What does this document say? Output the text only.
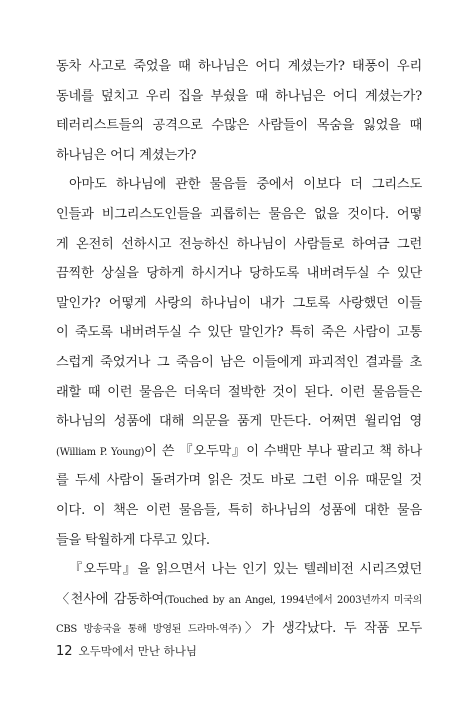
동차 사고로 죽었을 때 하나님은 어디 계셨는가? 태풍이 우리
동네를 덮치고 우리 집을 부쉈을 때 하나님은 어디 계셨는가?
테러리스트들의 공격으로 수많은 사람들이 목숨을 잃었을 때
하나님은 어디 계셨는가?
아마도 하나님에 관한 물음들 중에서 이보다 더 그리스도
인들과 비그리스도인들을 괴롭히는 물음은 없을 것이다. 어떻
게 온전히 선하시고 전능하신 하나님이 사람들로 하여금 그런
끔찍한 상실을 당하게 하시거나 당하도록 내버려두실 수 있단
말인가? 어떻게 사랑의 하나님이 내가 그토록 사랑했던 이들
이 죽도록 내버려두실 수 있단 말인가? 특히 죽은 사람이 고통
스럽게 죽었거나 그 죽음이 남은 이들에게 파괴적인 결과를 초
래할 때 이런 물음은 더욱더 절박한 것이 된다. 이런 물음들은
하나님의 성품에 대해 의문을 품게 만든다. 어쩌면 윌리엄 영
(William P. Young)이 쓴 『오두막』이 수백만 부나 팔리고 책 하나
를 두세 사람이 돌려가며 읽은 것도 바로 그런 이유 때문일 것
이다. 이 책은 이런 물음들, 특히 하나님의 성품에 대한 물음
들을 탁월하게 다루고 있다.
『오두막』을 읽으면서 나는 인기 있는 텔레비전 시리즈였던
〈천사에 감동하여(Touched by an Angel, 1994년에서 2003년까지 미국의
CBS 방송국을 통해 방영된 드라마-역주)〉가 생각났다. 두 작품 모두
12 오두막에서 만난 하나님
